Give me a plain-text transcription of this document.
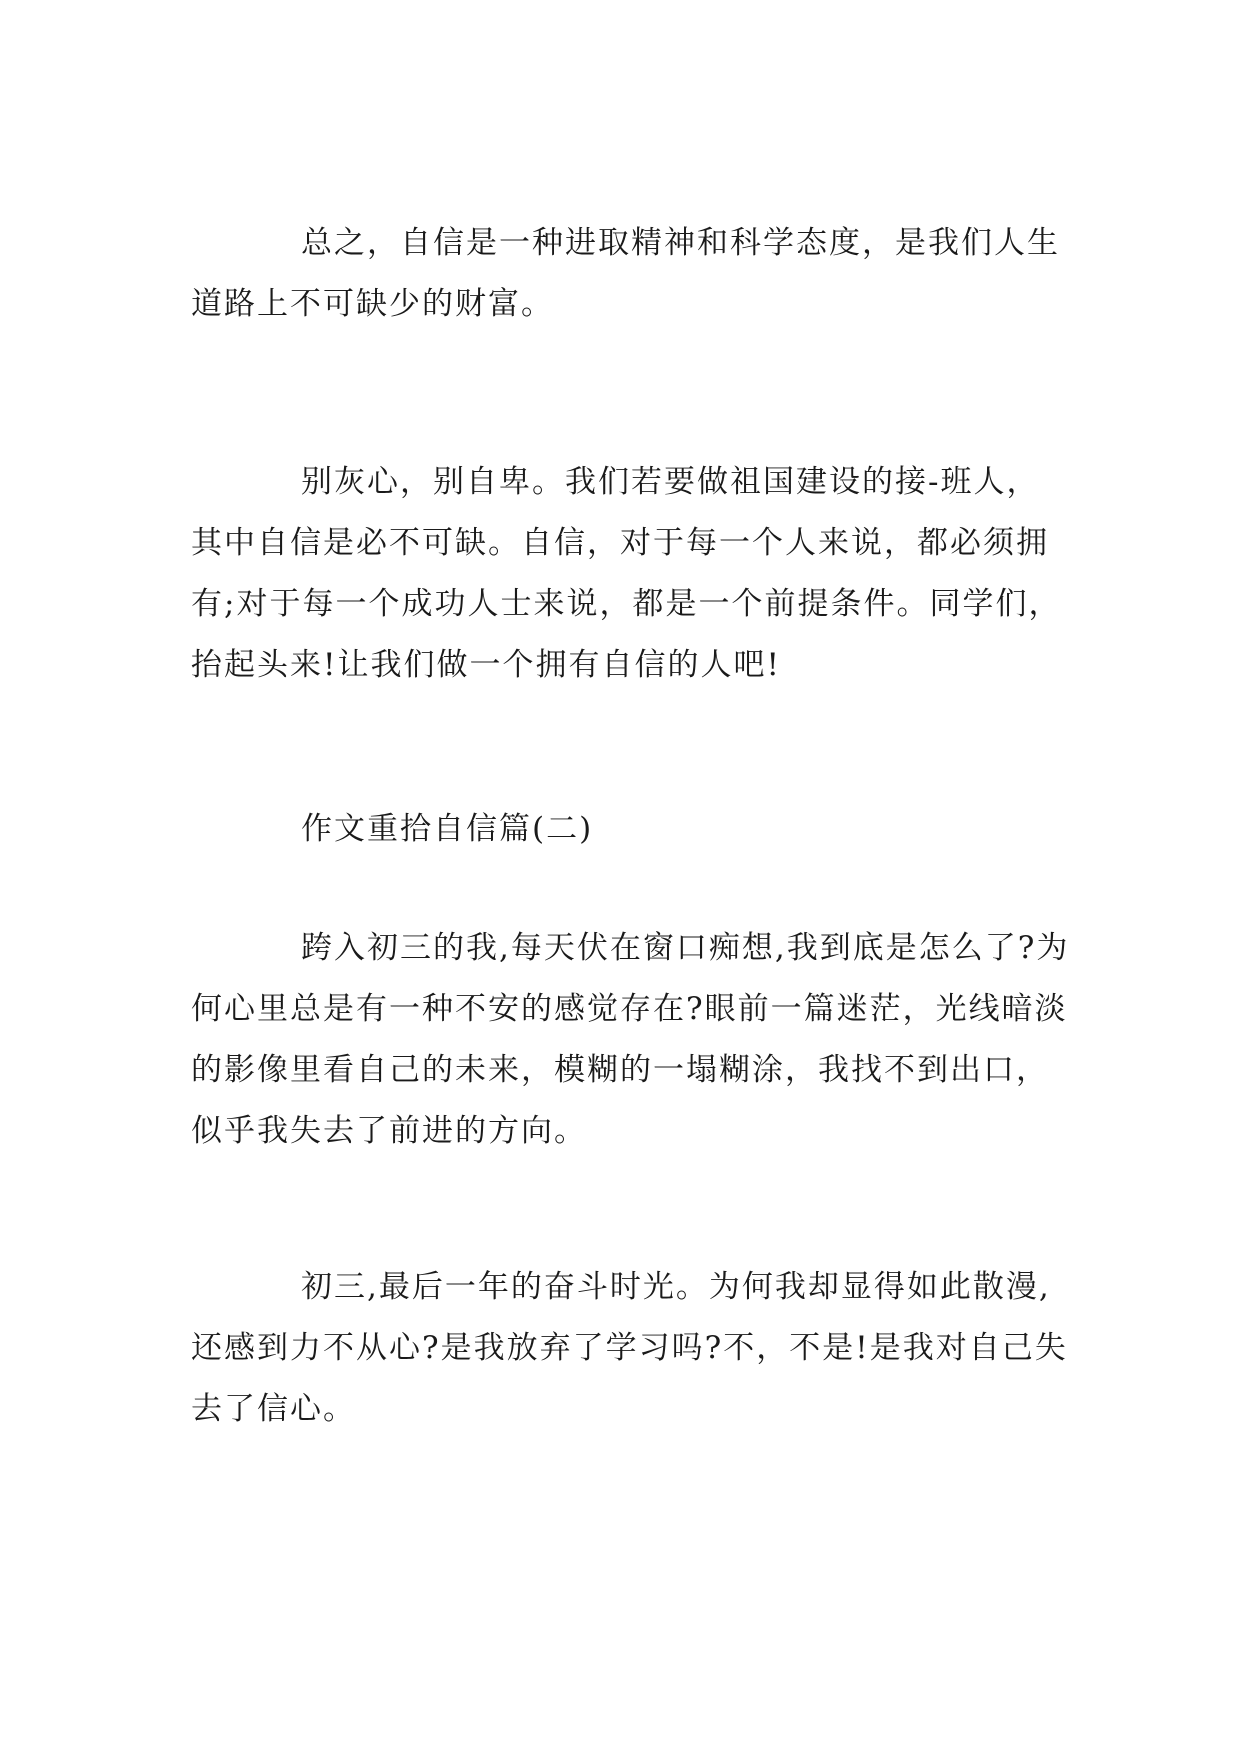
总之，自信是一种进取精神和科学态度，是我们人生道路上不可缺少的财富。

别灰心，别自卑。我们若要做祖国建设的接-班人，其中自信是必不可缺。自信，对于每一个人来说，都必须拥有;对于每一个成功人士来说，都是一个前提条件。同学们，抬起头来!让我们做一个拥有自信的人吧!

作文重拾自信篇(二)

跨入初三的我,每天伏在窗口痴想,我到底是怎么了?为何心里总是有一种不安的感觉存在?眼前一篇迷茫，光线暗淡的影像里看自己的未来，模糊的一塌糊涂，我找不到出口，似乎我失去了前进的方向。

初三,最后一年的奋斗时光。为何我却显得如此散漫,还感到力不从心?是我放弃了学习吗?不，不是!是我对自己失去了信心。
